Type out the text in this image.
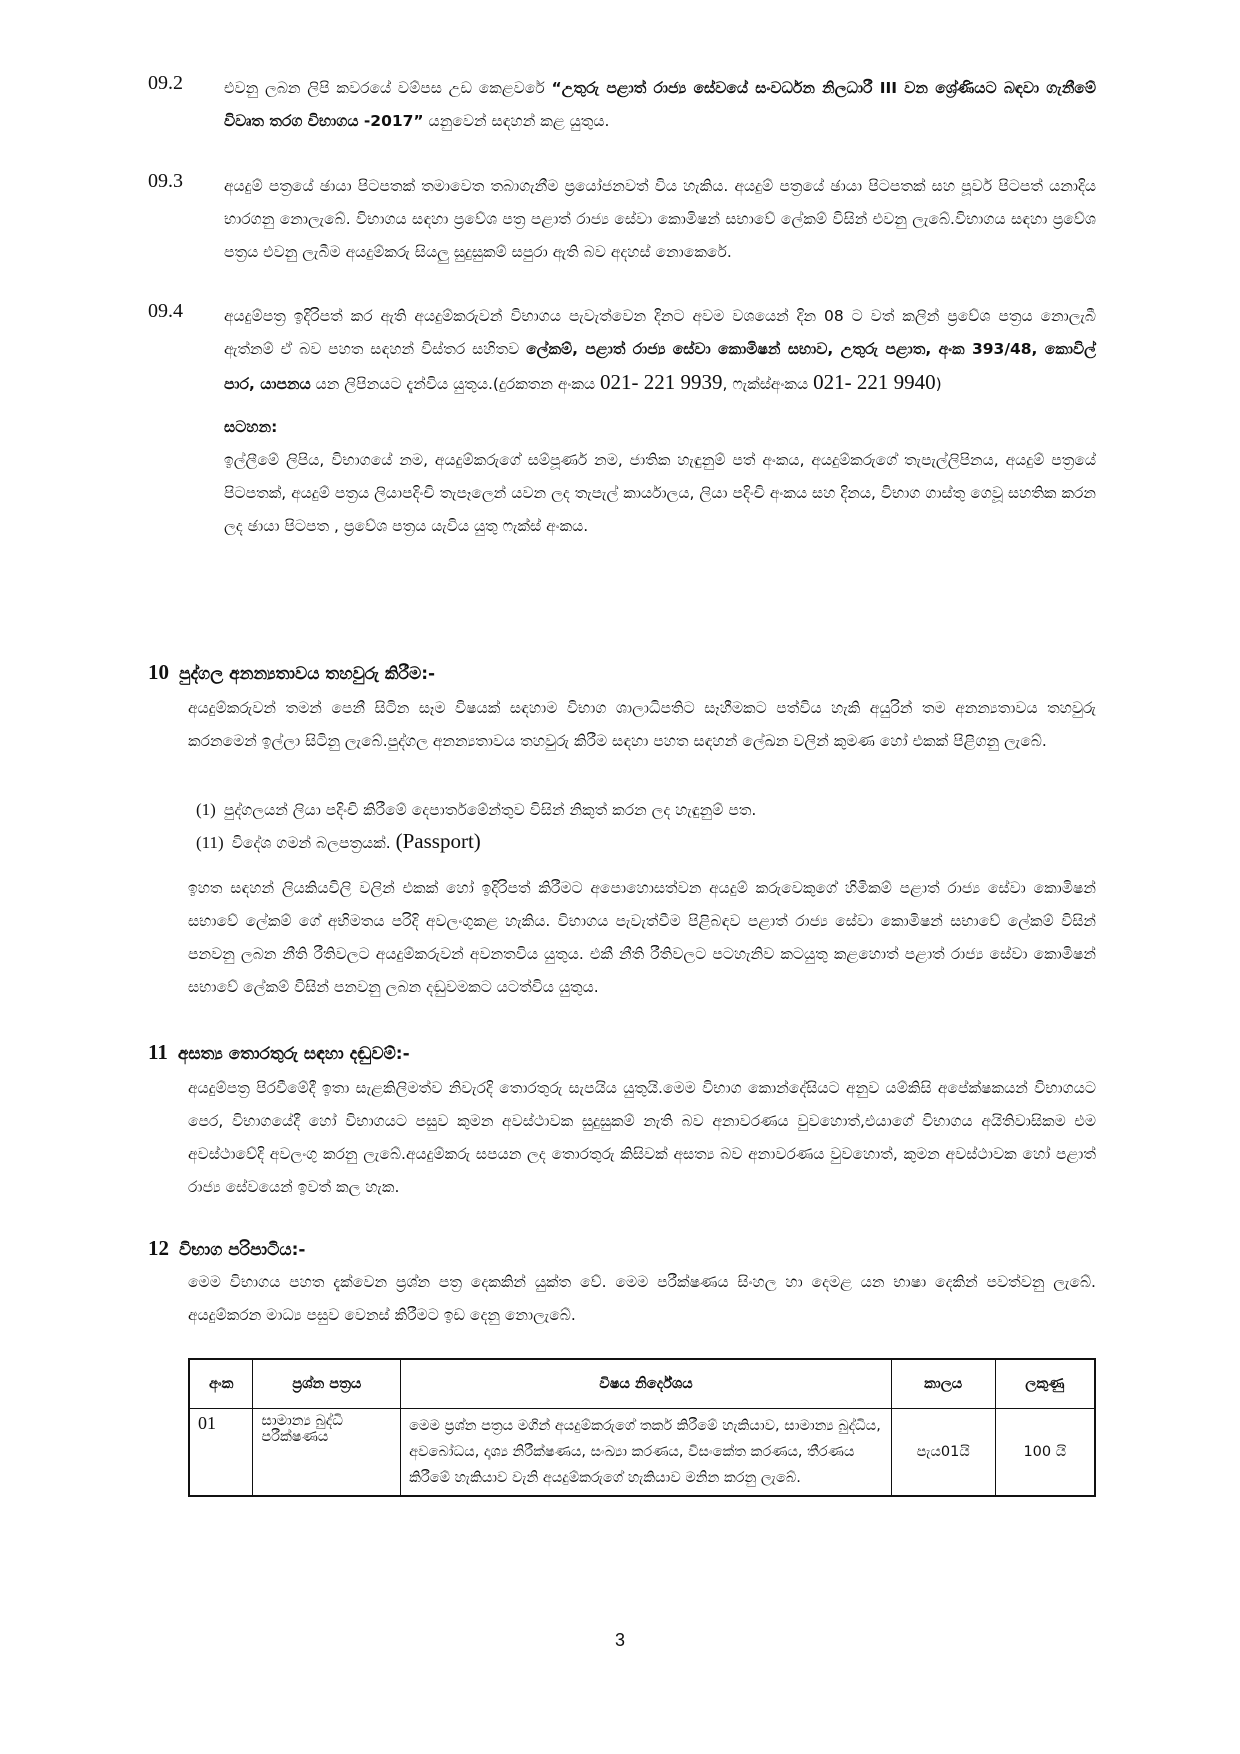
09.2	එවනු ලබන ලිපි කවරයේ වම්පස උඩ කෙළවරේ “උතුරු පළාත් රාජ්‍ය සේවයේ සංවර්ධන නිලධාරී III වන ශ්‍රේණියට බඳවා ගැනීමේ විවෘත තරග විභාගය -2017” යනුවෙන් සඳහන් කළ යුතුය.
09.3	අයදුම් පත්‍රයේ ඡායා පිටපතක් තමාවෙත තබාගැනීම ප්‍රයෝජනවත් විය හැකිය. අයදුම් පත්‍රයේ ඡායා පිටපතක් සහ පූර්ව පිටපත් යනාදිය භාරගනු නොලැබේ. විභාගය සඳහා ප්‍රවේශ පත්‍ර පළාත් රාජ්‍ය සේවා කොමිෂන් සභාවේ ලේකම් විසින් එවනු ලැබේ.විභාගය සඳහා ප්‍රවේශ පත්‍රය එවනු ලැබීම අයදුම්කරු සියලු සුදුසුකම් සපුරා ඇති බව අදහස් නොකෙරේ.
09.4	අයදුම්පත්‍ර ඉදිරිපත් කර ඇති අයදුම්කරුවන් විභාගය පැවැත්වෙන දිනට අවම වශයෙන් දින 08 ට වත් කලින් ප්‍රවේශ පත්‍රය නොලැබී ඇත්නම් ඒ බව පහත සඳහන් විස්තර සහිතව ලේකම්, පළාත් රාජ්‍ය සේවා කොමිෂන් සභාව, උතුරු පළාත, අංක 393/48, කොවිල් පාර, යාපනය යන ලිපිනයට දැන්විය යුතුය.(දුරකතන අංකය 021- 221 9939, ෆැක්ස්අංකය 021- 221 9940)
සටහන:
ඉල්ලීමේ ලිපිය, විභාගයේ නම, අයදුම්කරුගේ සම්පූර්ණ නම, ජාතික හැඳුනුම් පත් අංකය, අයදුම්කරුගේ තැපැල්ලිපිනය, අයදුම් පත්‍රයේ පිටපතක්, අයදුම් පත්‍රය ලියාපදිංචි තැපෑලෙන් යවන ලද තැපැල් කාර්යාලය, ලියා පදිංචි අංකය සහ දිනය, විභාග ගාස්තු ගෙවූ සහතික කරන ලද ඡායා පිටපත , ප්‍රවේශ පත්‍රය යැවිය යුතු ෆැක්ස් අංකය.
10 පුද්ගල අනන්‍යතාවය තහවුරු කිරීම:-
අයදුම්කරුවන් තමන් පෙනී සිටින සෑම විෂයක් සඳහාම විභාග ශාලාධිපතිට සෑහීමකට පත්විය හැකි අයුරින් තම අනන්‍යතාවය තහවුරු කරනමෙන් ඉල්ලා සිටිනු ලැබේ.පුද්ගල අනන්‍යතාවය තහවුරු කිරීම සඳහා පහත සඳහන් ලේඛන වලින් කුමණ හෝ එකක් පිළිගනු ලැබේ.
(1) පුද්ගලයන් ලියා පදිංචි කිරීමේ දෙපාර්තමේන්තුව විසින් නිකුත් කරන ලද හැඳුනුම් පත.
(11) විදේශ ගමන් බලපත්‍රයක්. (Passport)
ඉහත සඳහන් ලියකියවිලි වලින් එකක් හෝ ඉදිරිපත් කිරීමට අපොහොසත්වන අයදුම් කරුවෙකුගේ හිමිකම් පළාත් රාජ්‍ය සේවා කොමිෂන් සභාවේ ලේකම් ගේ අභිමතය පරිදි අවලංගුකළ හැකිය. විභාගය පැවැත්වීම පිළිබඳව පළාත් රාජ්‍ය සේවා කොමිෂන් සභාවේ ලේකම් විසින් පනවනු ලබන නීති රීතිවලට අයදුම්කරුවන් අවනතවිය යුතුය. එකී නීති රීතිවලට පටහැනිව කටයුතු කළහොත් පළාත් රාජ්‍ය සේවා කොමිෂන් සභාවේ ලේකම් විසින් පනවනු ලබන දඬුවමකට යටත්විය යුතුය.
11 අසත්‍ය තොරතුරු සඳහා දඬුවම්:-
අයදුම්පත්‍ර පිරවීමේදී ඉතා සැළකිලිමත්ව නිවැරදි තොරතුරු සැපයිය යුතුයි.මෙම විභාග කොන්දේසියට අනුව යම්කිසි අපේක්ෂකයන් විභාගයට පෙර, විභාගයේදී හෝ විභාගයට පසුව කුමන අවස්ථාවක සුදුසුකම් නැති බව අනාවරණය වුවහොත්,එයාගේ විභාගය අයිතිවාසිකම එම අවස්ථාවේදි අවලංගු කරනු ලැබේ.අයදුම්කරු සපයන ලද තොරතුරු කිසිවක් අසත්‍ය බව අනාවරණය වුවහොත්, කුමන අවස්ථාවක හෝ පළාත් රාජ්‍ය සේවයෙන් ඉවත් කල හැක.
12 විභාග පරිපාටිය:-
මෙම විභාගය පහත දැක්වෙන ප්‍රශ්න පත්‍ර දෙකකින් යුක්ත වේ. මෙම පරීක්ෂණය සිංහල හා දෙමළ යන භාෂා දෙකින් පවත්වනු ලැබේ. අයදුම්කරන මාධ්‍ය පසුව වෙනස් කිරීමට ඉඩ දෙනු නොලැබේ.
අංක	ප්‍රශ්න පත්‍රය	විෂය නිර්දේශය	කාලය	ලකුණු
01	සාමාන්‍ය බුද්ධි පරීක්ෂණය	මෙම ප්‍රශ්න පත්‍රය මගින් අයදුම්කරුගේ තර්ක කිරීමේ හැකියාව, සාමාන්‍ය බුද්ධිය, අවබෝධය, දෘශ්‍ය නිරීක්ෂණය, සංඛ්‍යා කරණය, විසංකේත කරණය, තීරණය කිරීමේ හැකියාව වැනි අයදුම්කරුගේ හැකියාව මනින කරනු ලැබේ.	පැය01යි	100 යි
3
